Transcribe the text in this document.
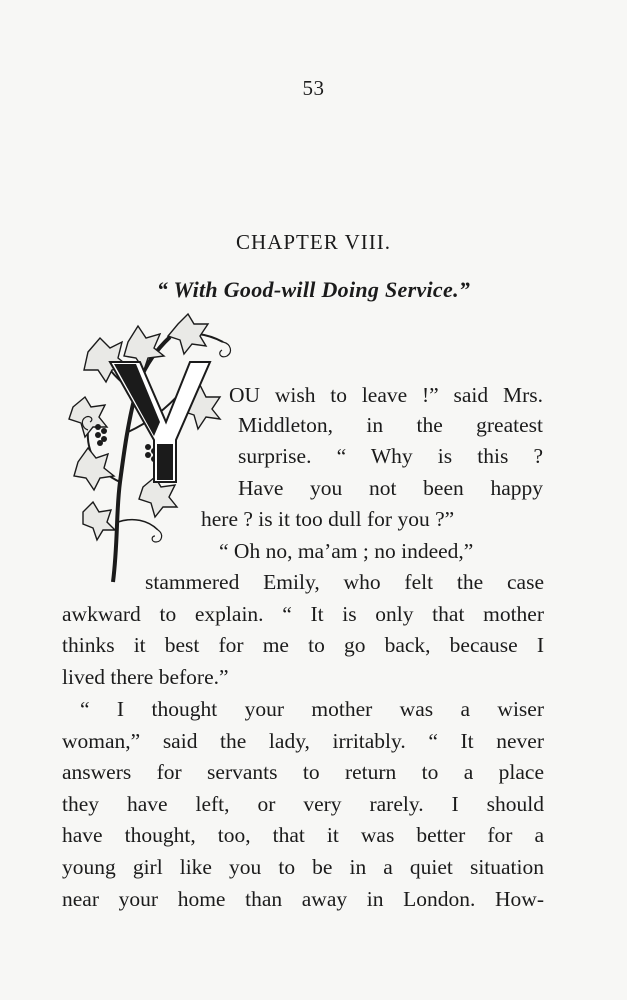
53
CHAPTER VIII.
“ With Good-will Doing Service.”
OU wish to leave !” said Mrs.
Middleton, in the greatest
surprise. “ Why is this ?
Have you not been happy
here ? is it too dull for you ?”
“ Oh no, ma’am ; no indeed,”
stammered Emily, who felt the case
awkward to explain. “ It is only that mother
thinks it best for me to go back, because I
lived there before.”
“ I thought your mother was a wiser
woman,” said the lady, irritably. “ It never
answers for servants to return to a place
they have left, or very rarely. I should
have thought, too, that it was better for a
young girl like you to be in a quiet situation
near your home than away in London. How-
